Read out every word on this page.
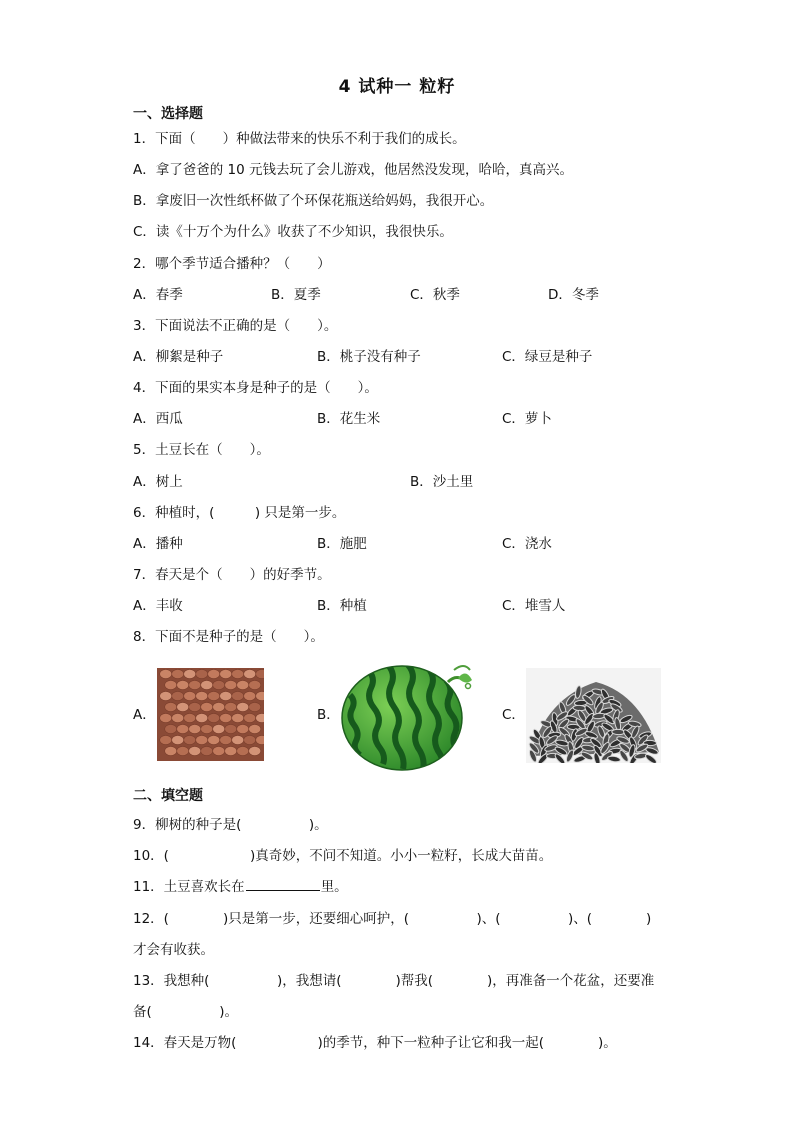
4 试种一 粒籽
一、选择题
1．下面（　　）种做法带来的快乐不利于我们的成长。
A．拿了爸爸的 10 元钱去玩了会儿游戏，他居然没发现，哈哈，真高兴。
B．拿废旧一次性纸杯做了个环保花瓶送给妈妈，我很开心。
C．读《十万个为什么》收获了不少知识，我很快乐。
2．哪个季节适合播种？（　　）
A．春季	B．夏季	C．秋季	D．冬季
3．下面说法不正确的是（　　）。
A．柳絮是种子	B．桃子没有种子	C．绿豆是种子
4．下面的果实本身是种子的是（　　）。
A．西瓜	B．花生米	C．萝卜
5．土豆长在（　　）。
A．树上	B．沙土里
6．种植时，(　　　) 只是第一步。
A．播种	B．施肥	C．浇水
7．春天是个（　　）的好季节。
A．丰收	B．种植	C．堆雪人
8．下面不是种子的是（　　）。
A．	B．	C．
二、填空题
9．柳树的种子是(　　　　　)。
10．(　　　　　　)真奇妙，不问不知道。小小一粒籽，长成大苗苗。
11．土豆喜欢长在	里。
12．(　　　　)只是第一步，还要细心呵护，(　　　　　)、(　　　　　)、(　　　　)
才会有收获。
13．我想种(　　　　　)，我想请(　　　　)帮我(　　　　)，再准备一个花盆，还要准
备(　　　　　)。
14．春天是万物(　　　　　　)的季节，种下一粒种子让它和我一起(　　　　)。
